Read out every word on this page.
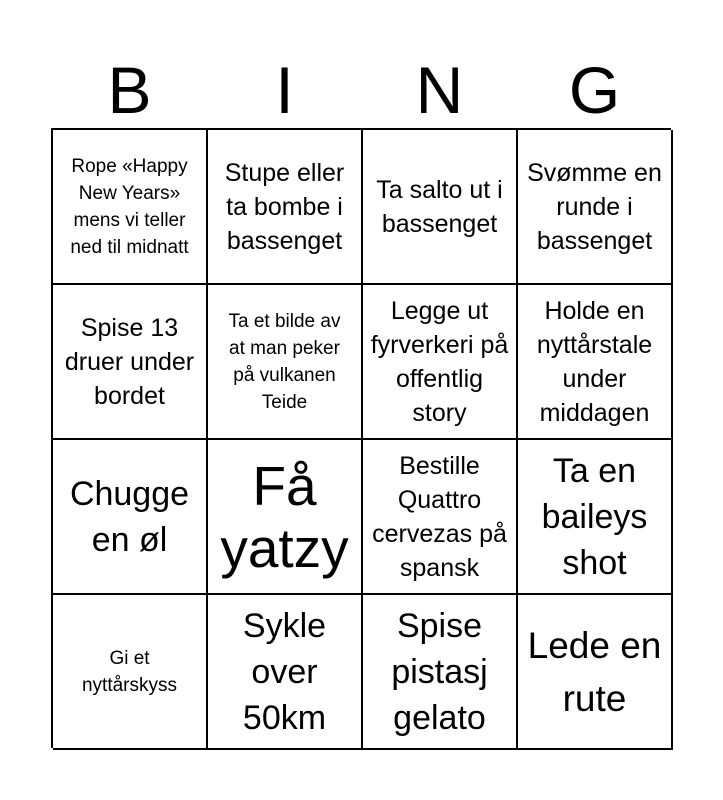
B	I	N	G
Rope «Happy New Years» mens vi teller ned til midnatt
Stupe eller ta bombe i bassenget
Ta salto ut i bassenget
Svømme en runde i bassenget
Spise 13 druer under bordet
Ta et bilde av at man peker på vulkanen Teide
Legge ut fyrverkeri på offentlig story
Holde en nyttårstale under middagen
Chugge en øl
Få yatzy
Bestille Quattro cervezas på spansk
Ta en baileys shot
Gi et nyttårskyss
Sykle over 50km
Spise pistasj gelato
Lede en rute
